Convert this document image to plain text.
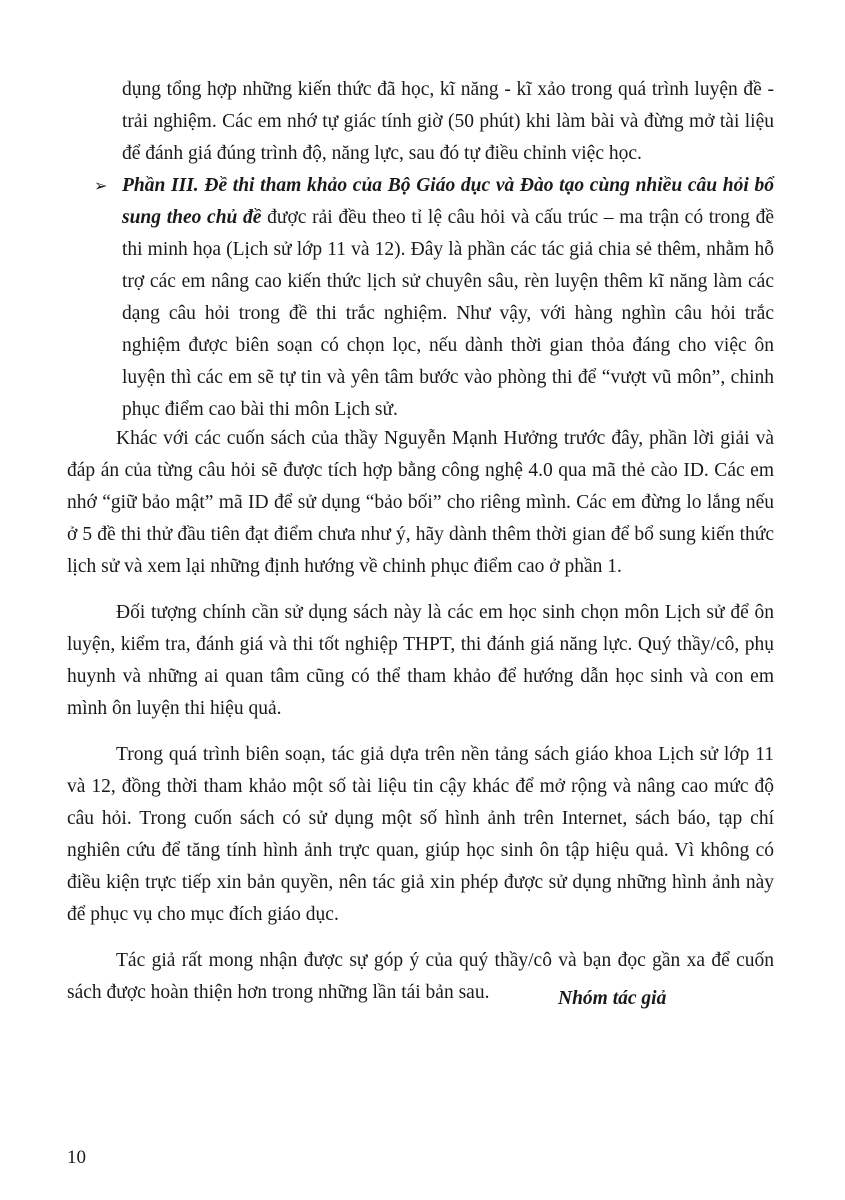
dụng tổng hợp những kiến thức đã học, kĩ năng - kĩ xảo trong quá trình luyện đề - trải nghiệm. Các em nhớ tự giác tính giờ (50 phút) khi làm bài và đừng mở tài liệu để đánh giá đúng trình độ, năng lực, sau đó tự điều chỉnh việc học.

➢ Phần III. Đề thi tham khảo của Bộ Giáo dục và Đào tạo cùng nhiều câu hỏi bổ sung theo chủ đề được rải đều theo tỉ lệ câu hỏi và cấu trúc – ma trận có trong đề thi minh họa (Lịch sử lớp 11 và 12). Đây là phần các tác giả chia sẻ thêm, nhằm hỗ trợ các em nâng cao kiến thức lịch sử chuyên sâu, rèn luyện thêm kĩ năng làm các dạng câu hỏi trong đề thi trắc nghiệm. Như vậy, với hàng nghìn câu hỏi trắc nghiệm được biên soạn có chọn lọc, nếu dành thời gian thỏa đáng cho việc ôn luyện thì các em sẽ tự tin và yên tâm bước vào phòng thi để “vượt vũ môn”, chinh phục điểm cao bài thi môn Lịch sử.

Khác với các cuốn sách của thầy Nguyễn Mạnh Hưởng trước đây, phần lời giải và đáp án của từng câu hỏi sẽ được tích hợp bằng công nghệ 4.0 qua mã thẻ cào ID. Các em nhớ “giữ bảo mật” mã ID để sử dụng “bảo bối” cho riêng mình. Các em đừng lo lắng nếu ở 5 đề thi thử đầu tiên đạt điểm chưa như ý, hãy dành thêm thời gian để bổ sung kiến thức lịch sử và xem lại những định hướng về chinh phục điểm cao ở phần 1.

Đối tượng chính cần sử dụng sách này là các em học sinh chọn môn Lịch sử để ôn luyện, kiểm tra, đánh giá và thi tốt nghiệp THPT, thi đánh giá năng lực. Quý thầy/cô, phụ huynh và những ai quan tâm cũng có thể tham khảo để hướng dẫn học sinh và con em mình ôn luyện thi hiệu quả.

Trong quá trình biên soạn, tác giả dựa trên nền tảng sách giáo khoa Lịch sử lớp 11 và 12, đồng thời tham khảo một số tài liệu tin cậy khác để mở rộng và nâng cao mức độ câu hỏi. Trong cuốn sách có sử dụng một số hình ảnh trên Internet, sách báo, tạp chí nghiên cứu để tăng tính hình ảnh trực quan, giúp học sinh ôn tập hiệu quả. Vì không có điều kiện trực tiếp xin bản quyền, nên tác giả xin phép được sử dụng những hình ảnh này để phục vụ cho mục đích giáo dục.

Tác giả rất mong nhận được sự góp ý của quý thầy/cô và bạn đọc gần xa để cuốn sách được hoàn thiện hơn trong những lần tái bản sau.	Nhóm tác giả
10
